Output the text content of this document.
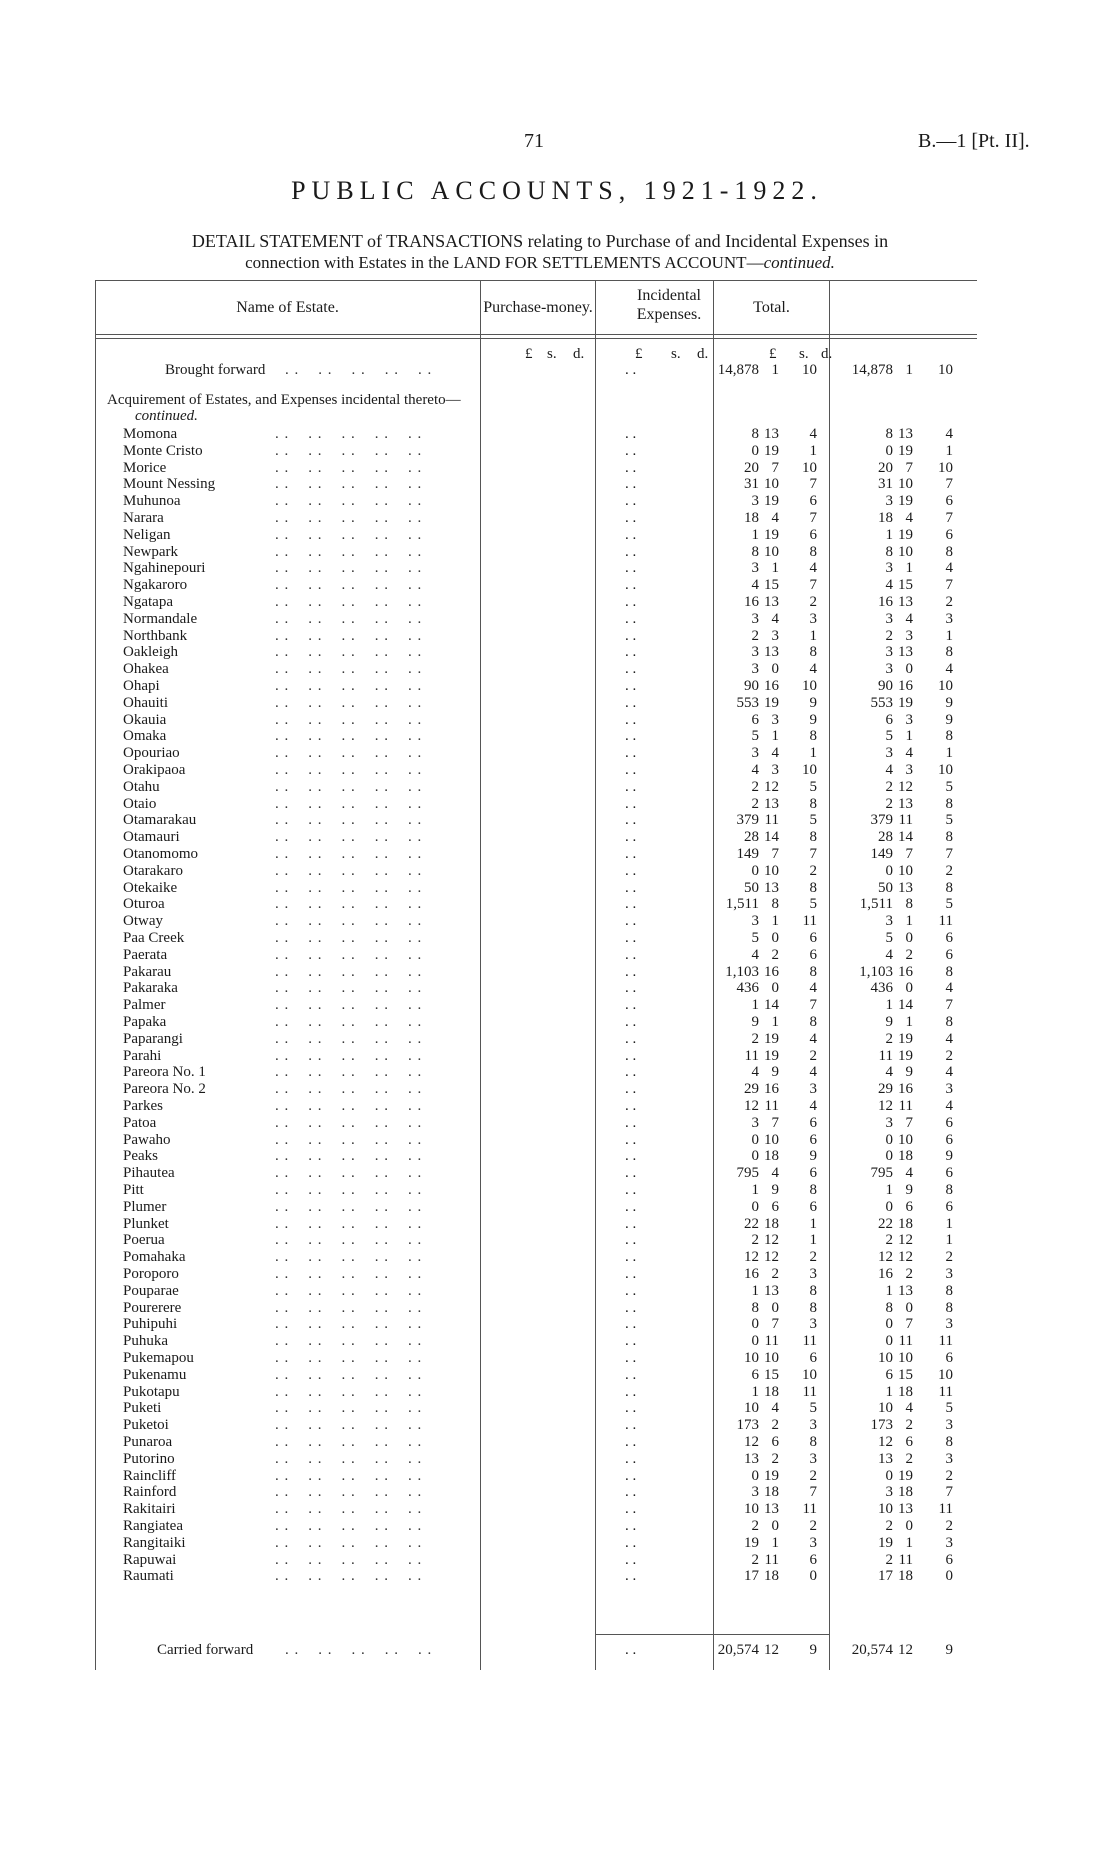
71	B.—1 [Pt. II].
PUBLIC ACCOUNTS, 1921-1922.
DETAIL STATEMENT of TRANSACTIONS relating to Purchase of and Incidental Expenses in
connection with Estates in the LAND FOR SETTLEMENTS ACCOUNT—continued.
Name of Estate.	Purchase-money.
Incidental Expenses.	Total.
£ s. d.	£ s. d.	£ s. d.
Brought forward . .    . .    . .    . .    . .	. .	14,878 1	10	14,878 1	10
Acquirement of Estates, and Expenses incidental thereto—
continued.
Momona	. .    . .    . .    . .    . .	. .	8 13	4	8 13	4
Monte Cristo	. .    . .    . .    . .    . .	. .	0 19	1	0 19	1
Morice	. .    . .    . .    . .    . .	. .	20 7	10	20 7	10
Mount Nessing	. .    . .    . .    . .    . .	. .	31 10	7	31 10	7
Muhunoa	. .    . .    . .    . .    . .	. .	3 19	6	3 19	6
Narara	. .    . .    . .    . .    . .	. .	18 4	7	18 4	7
Neligan	. .    . .    . .    . .    . .	. .	1 19	6	1 19	6
Newpark	. .    . .    . .    . .    . .	. .	8 10	8	8 10	8
Ngahinepouri	. .    . .    . .    . .    . .	. .	3 1	4	3 1	4
Ngakaroro	. .    . .    . .    . .    . .	. .	4 15	7	4 15	7
Ngatapa	. .    . .    . .    . .    . .	. .	16 13	2	16 13	2
Normandale	. .    . .    . .    . .    . .	. .	3 4	3	3 4	3
Northbank	. .    . .    . .    . .    . .	. .	2 3	1	2 3	1
Oakleigh	. .    . .    . .    . .    . .	. .	3 13	8	3 13	8
Ohakea	. .    . .    . .    . .    . .	. .	3 0	4	3 0	4
Ohapi	. .    . .    . .    . .    . .	. .	90 16	10	90 16	10
Ohauiti	. .    . .    . .    . .    . .	. .	553 19	9	553 19	9
Okauia	. .    . .    . .    . .    . .	. .	6 3	9	6 3	9
Omaka	. .    . .    . .    . .    . .	. .	5 1	8	5 1	8
Opouriao	. .    . .    . .    . .    . .	. .	3 4	1	3 4	1
Orakipaoa	. .    . .    . .    . .    . .	. .	4 3	10	4 3	10
Otahu	. .    . .    . .    . .    . .	. .	2 12	5	2 12	5
Otaio	. .    . .    . .    . .    . .	. .	2 13	8	2 13	8
Otamarakau	. .    . .    . .    . .    . .	. .	379 11	5	379 11	5
Otamauri	. .    . .    . .    . .    . .	. .	28 14	8	28 14	8
Otanomomo	. .    . .    . .    . .    . .	. .	149 7	7	149 7	7
Otarakaro	. .    . .    . .    . .    . .	. .	0 10	2	0 10	2
Otekaike	. .    . .    . .    . .    . .	. .	50 13	8	50 13	8
Oturoa	. .    . .    . .    . .    . .	. .	1,511 8	5	1,511 8	5
Otway	. .    . .    . .    . .    . .	. .	3 1	11	3 1	11
Paa Creek	. .    . .    . .    . .    . .	. .	5 0	6	5 0	6
Paerata	. .    . .    . .    . .    . .	. .	4 2	6	4 2	6
Pakarau	. .    . .    . .    . .    . .	. .	1,103 16	8	1,103 16	8
Pakaraka	. .    . .    . .    . .    . .	. .	436 0	4	436 0	4
Palmer	. .    . .    . .    . .    . .	. .	1 14	7	1 14	7
Papaka	. .    . .    . .    . .    . .	. .	9 1	8	9 1	8
Paparangi	. .    . .    . .    . .    . .	. .	2 19	4	2 19	4
Parahi	. .    . .    . .    . .    . .	. .	11 19	2	11 19	2
Pareora No. 1	. .    . .    . .    . .    . .	. .	4 9	4	4 9	4
Pareora No. 2	. .    . .    . .    . .    . .	. .	29 16	3	29 16	3
Parkes	. .    . .    . .    . .    . .	. .	12 11	4	12 11	4
Patoa	. .    . .    . .    . .    . .	. .	3 7	6	3 7	6
Pawaho	. .    . .    . .    . .    . .	. .	0 10	6	0 10	6
Peaks	. .    . .    . .    . .    . .	. .	0 18	9	0 18	9
Pihautea	. .    . .    . .    . .    . .	. .	795 4	6	795 4	6
Pitt	. .    . .    . .    . .    . .	. .	1 9	8	1 9	8
Plumer	. .    . .    . .    . .    . .	. .	0 6	6	0 6	6
Plunket	. .    . .    . .    . .    . .	. .	22 18	1	22 18	1
Poerua	. .    . .    . .    . .    . .	. .	2 12	1	2 12	1
Pomahaka	. .    . .    . .    . .    . .	. .	12 12	2	12 12	2
Poroporo	. .    . .    . .    . .    . .	. .	16 2	3	16 2	3
Pouparae	. .    . .    . .    . .    . .	. .	1 13	8	1 13	8
Pourerere	. .    . .    . .    . .    . .	. .	8 0	8	8 0	8
Puhipuhi	. .    . .    . .    . .    . .	. .	0 7	3	0 7	3
Puhuka	. .    . .    . .    . .    . .	. .	0 11	11	0 11	11
Pukemapou	. .    . .    . .    . .    . .	. .	10 10	6	10 10	6
Pukenamu	. .    . .    . .    . .    . .	. .	6 15	10	6 15	10
Pukotapu	. .    . .    . .    . .    . .	. .	1 18	11	1 18	11
Puketi	. .    . .    . .    . .    . .	. .	10 4	5	10 4	5
Puketoi	. .    . .    . .    . .    . .	. .	173 2	3	173 2	3
Punaroa	. .    . .    . .    . .    . .	. .	12 6	8	12 6	8
Putorino	. .    . .    . .    . .    . .	. .	13 2	3	13 2	3
Raincliff	. .    . .    . .    . .    . .	. .	0 19	2	0 19	2
Rainford	. .    . .    . .    . .    . .	. .	3 18	7	3 18	7
Rakitairi	. .    . .    . .    . .    . .	. .	10 13	11	10 13	11
Rangiatea	. .    . .    . .    . .    . .	. .	2 0	2	2 0	2
Rangitaiki	. .    . .    . .    . .    . .	. .	19 1	3	19 1	3
Rapuwai	. .    . .    . .    . .    . .	. .	2 11	6	2 11	6
Raumati	. .    . .    . .    . .    . .	. .	17 18	0	17 18	0
Carried forward . .    . .    . .    . .    . .	. .	20,574 12	9	20,574 12	9
